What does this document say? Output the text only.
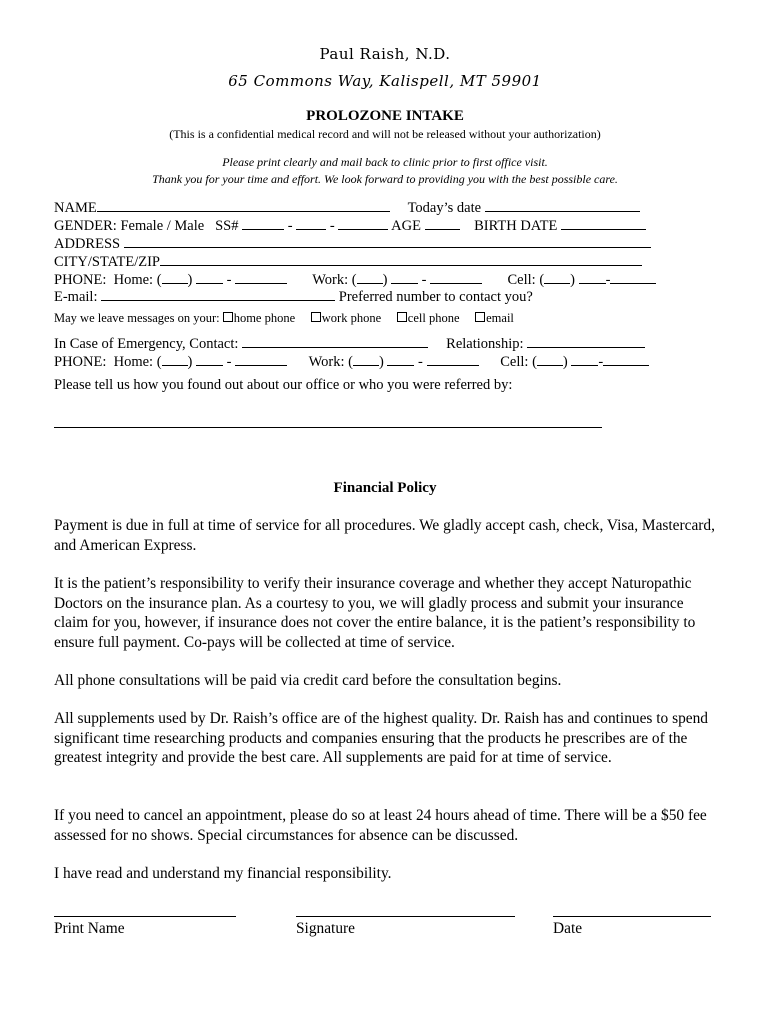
Paul Raish, N.D.
65 Commons Way, Kalispell, MT 59901
PROLOZONE INTAKE
(This is a confidential medical record and will not be released without your authorization)
Please print clearly and mail back to clinic prior to first office visit.
Thank you for your time and effort. We look forward to providing you with the best possible care.
NAME	Today’s date
GENDER: Female / Male SS#	-  -	AGE	BIRTH DATE
ADDRESS
CITY/STATE/ZIP
PHONE:  Home: ( )  -	Work: ( )  -	Cell: ( ) -
E-mail:	Preferred number to contact you?
May we leave messages on your: home phone work phone cell phone email
In Case of Emergency, Contact:	Relationship:
PHONE:  Home: ( )  -	Work: ( )  -	Cell: ( ) -
Please tell us how you found out about our office or who you were referred by:
Financial Policy
Payment is due in full at time of service for all procedures. We gladly accept cash, check, Visa, Mastercard, and American Express.
It is the patient’s responsibility to verify their insurance coverage and whether they accept Naturopathic Doctors on the insurance plan. As a courtesy to you, we will gladly process and submit your insurance claim for you, however, if insurance does not cover the entire balance, it is the patient’s responsibility to ensure full payment. Co-pays will be collected at time of service.
All phone consultations will be paid via credit card before the consultation begins.
All supplements used by Dr. Raish’s office are of the highest quality. Dr. Raish has and continues to spend significant time researching products and companies ensuring that the products he prescribes are of the greatest integrity and provide the best care. All supplements are paid for at time of service.
If you need to cancel an appointment, please do so at least 24 hours ahead of time. There will be a $50 fee assessed for no shows. Special circumstances for absence can be discussed.
I have read and understand my financial responsibility.
Print Name	Signature	Date
